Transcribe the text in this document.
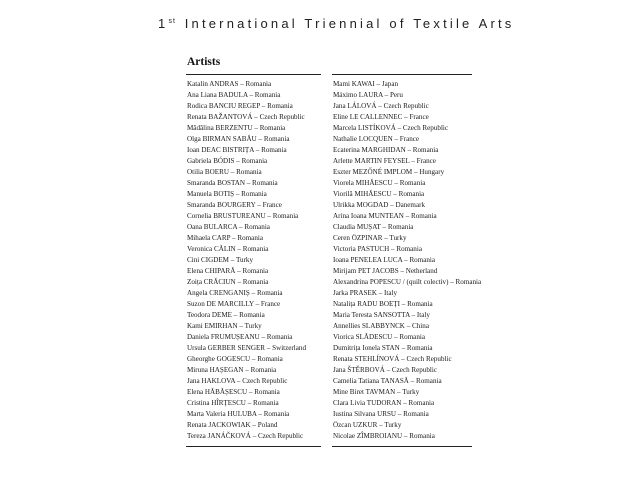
1st International Triennial of Textile Arts
Artists
Katalin ANDRAS – Romania
Ana Liana BADULA – Romania
Rodica BANCIU REGEP – Romania
Renata BAŽANTOVÁ – Czech Republic
Mădălina BERZENTU – Romania
Olga BIRMAN SABĂU – Romania
Ioan DEAC BISTRIȚA – Romania
Gabriela BÓDIS – Romania
Otilia BOERU – Romania
Smaranda BOSTAN – Romania
Manuela BOTIȘ – Romania
Smaranda BOURGERY – France
Cornelia BRUSTUREANU – Romania
Oana BULARCA – Romania
Mihaela CARP – Romania
Veronica CĂLIN – Romania
Cini CIGDEM – Turky
Elena CHIPARĂ – Romania
Zoița CRĂCIUN – Romania
Angela CRENGANIȘ – Romania
Suzon DE MARCILLY – France
Teodora DEME – Romania
Kami EMIRHAN – Turky
Daniela FRUMUȘEANU – Romania
Ursula GERBER SENGER – Switzerland
Gheorghe GOGESCU – Romania
Miruna HAȘEGAN – Romania
Jana HAKLOVA – Czech Republic
Elena HĂBĂȘESCU – Romania
Cristina HÎRȚESCU – Romania
Marta Valeria HULUBA – Romania
Renata JACKOWIAK – Poland
Tereza JANÁČKOVÁ – Czech Republic
Mami KAWAI – Japan
Máximo LAURA – Peru
Jana LÁLOVÁ – Czech Republic
Eline LE CALLENNEC – France
Marcela LISTÍKOVÁ – Czech Republic
Nathalie LOCQUEN – France
Ecaterina MARGHIDAN – Romania
Arlette MARTIN FEYSEL – France
Eszter MEZŐNÉ IMPLOM – Hungary
Viorela MIHĂESCU – Romania
Viorilă MIHĂESCU – Romania
Ulrikka MOGDAD – Danemark
Arina Ioana MUNTEAN – Romania
Claudia MUȘAT – Romania
Ceren ÖZPINAR – Turky
Victoria PASTUCH – Romania
Ioana PENELEA LUCA – Romania
Mirijam PET JACOBS – Netherland
Alexandrina POPESCU / (quilt colectiv) – Romania
Jarka PRASEK – Italy
Natalița RADU BOEȚI – Romania
Maria Teresta SANSOTTA – Italy
Annellies SLABBYNCK – China
Viorica SLĂDESCU – Romania
Dumitrița Ionela STAN – Romania
Renata STEHLÍNOVÁ – Czech Republic
Jana ŠTĚRBOVÁ – Czech Republic
Camelia Tatiana TANASĂ – Romania
Mine Biret TAVMAN – Turky
Clara Livia TUDORAN – Romania
Iustina Silvana URSU – Romania
Özcan UZKUR – Turky
Nicolae ZÎMBROIANU – Romania
